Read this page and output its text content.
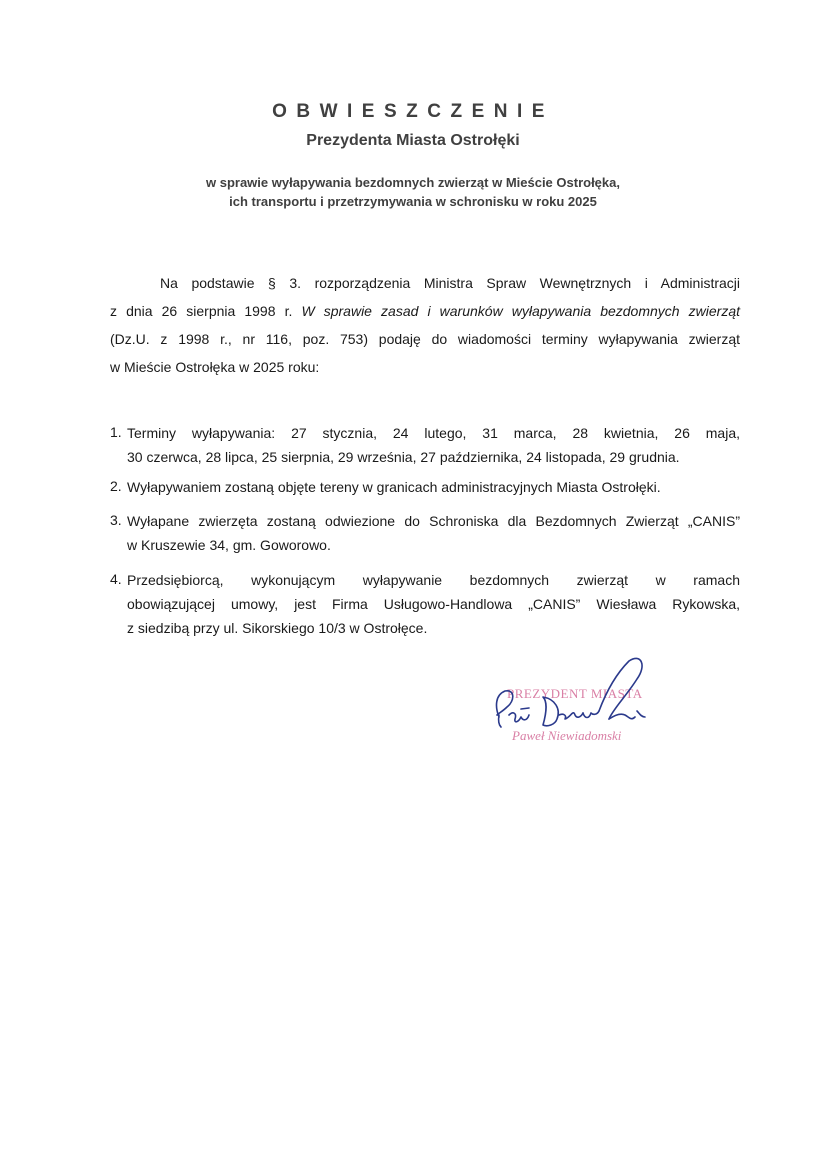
OBWIESZCZENIE
Prezydenta Miasta Ostrołęki
w sprawie wyłapywania bezdomnych zwierząt w Mieście Ostrołęka,
ich transportu i przetrzymywania w schronisku w roku 2025
Na podstawie § 3. rozporządzenia Ministra Spraw Wewnętrznych i Administracji
z dnia 26 sierpnia 1998 r. W sprawie zasad i warunków wyłapywania bezdomnych zwierząt
(Dz.U. z 1998 r., nr 116, poz. 753) podaję do wiadomości terminy wyłapywania zwierząt
w Mieście Ostrołęka w 2025 roku:
1. Terminy wyłapywania: 27 stycznia, 24 lutego, 31 marca, 28 kwietnia, 26 maja,
30 czerwca, 28 lipca, 25 sierpnia, 29 września, 27 października, 24 listopada, 29 grudnia.
2. Wyłapywaniem zostaną objęte tereny w granicach administracyjnych Miasta Ostrołęki.
3. Wyłapane zwierzęta zostaną odwiezione do Schroniska dla Bezdomnych Zwierząt „CANIS”
w Kruszewie 34, gm. Goworowo.
4. Przedsiębiorcą, wykonującym wyłapywanie bezdomnych zwierząt w ramach
obowiązującej umowy, jest Firma Usługowo-Handlowa „CANIS” Wiesława Rykowska,
z siedzibą przy ul. Sikorskiego 10/3 w Ostrołęce.
PREZYDENT MIASTA
Paweł Niewiadomski
